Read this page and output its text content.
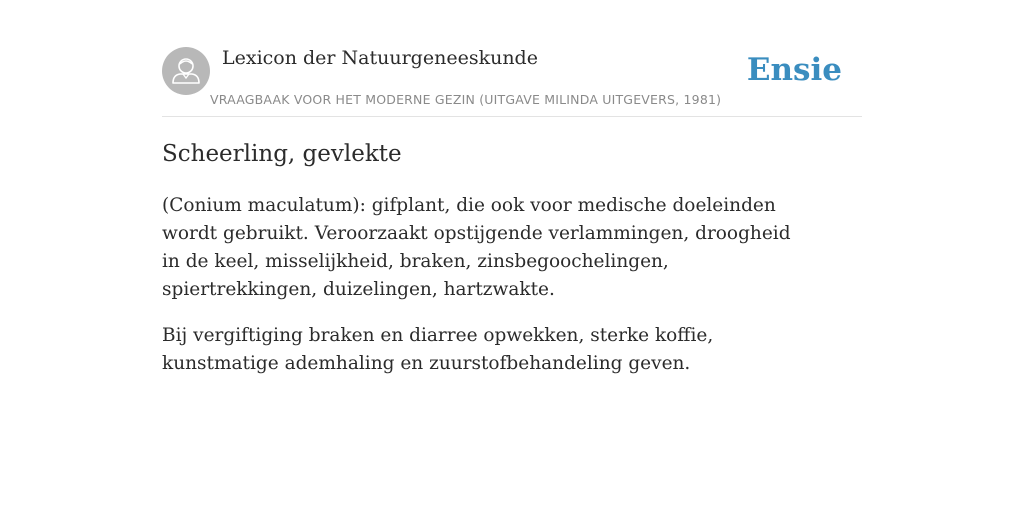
Lexicon der Natuurgeneeskunde
VRAAGBAAK VOOR HET MODERNE GEZIN (UITGAVE MILINDA UITGEVERS, 1981)
Ensie
Scheerling, gevlekte

(Conium maculatum): gifplant, die ook voor medische doeleinden wordt gebruikt. Veroorzaakt opstijgende verlammingen, droogheid in de keel, misselijkheid, braken, zinsbegoochelingen, spiertrekkingen, duizelingen, hartzwakte.

Bij vergiftiging braken en diarree opwekken, sterke koffie, kunstmatige ademhaling en zuurstofbehandeling geven.
